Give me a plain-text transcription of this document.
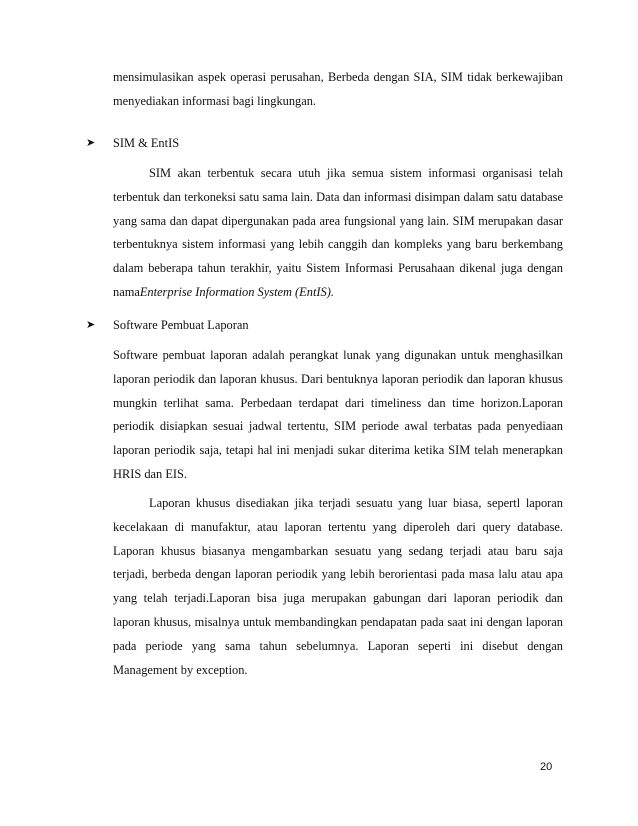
mensimulasikan aspek operasi perusahan, Berbeda dengan SIA, SIM tidak berkewajiban menyediakan informasi bagi lingkungan.

➤	SIM & EntIS

SIM akan terbentuk secara utuh jika semua sistem informasi organisasi telah terbentuk dan terkoneksi satu sama lain. Data dan informasi disimpan dalam satu database yang sama dan dapat dipergunakan pada area fungsional yang lain. SIM merupakan dasar terbentuknya sistem informasi yang lebih canggih dan kompleks yang baru berkembang dalam beberapa tahun terakhir, yaitu Sistem Informasi Perusahaan dikenal juga dengan namaEnterprise Information System (EntIS).

➤	Software Pembuat Laporan

Software pembuat laporan adalah perangkat lunak yang digunakan untuk menghasilkan laporan periodik dan laporan khusus. Dari bentuknya laporan periodik dan laporan khusus mungkin terlihat sama. Perbedaan terdapat dari timeliness dan time horizon.Laporan periodik disiapkan sesuai jadwal tertentu, SIM periode awal terbatas pada penyediaan laporan periodik saja, tetapi hal ini menjadi sukar diterima ketika SIM telah menerapkan HRIS dan EIS.

Laporan khusus disediakan jika terjadi sesuatu yang luar biasa, sepertl laporan kecelakaan di manufaktur, atau laporan tertentu yang diperoleh dari query database. Laporan khusus biasanya mengambarkan sesuatu yang sedang terjadi atau baru saja terjadi, berbeda dengan laporan periodik yang lebih berorientasi pada masa lalu atau apa yang telah terjadi.Laporan bisa juga merupakan gabungan dari laporan periodik dan laporan khusus, misalnya untuk membandingkan pendapatan pada saat ini dengan laporan pada periode yang sama tahun sebelumnya. Laporan seperti ini disebut dengan Management by exception.

20
